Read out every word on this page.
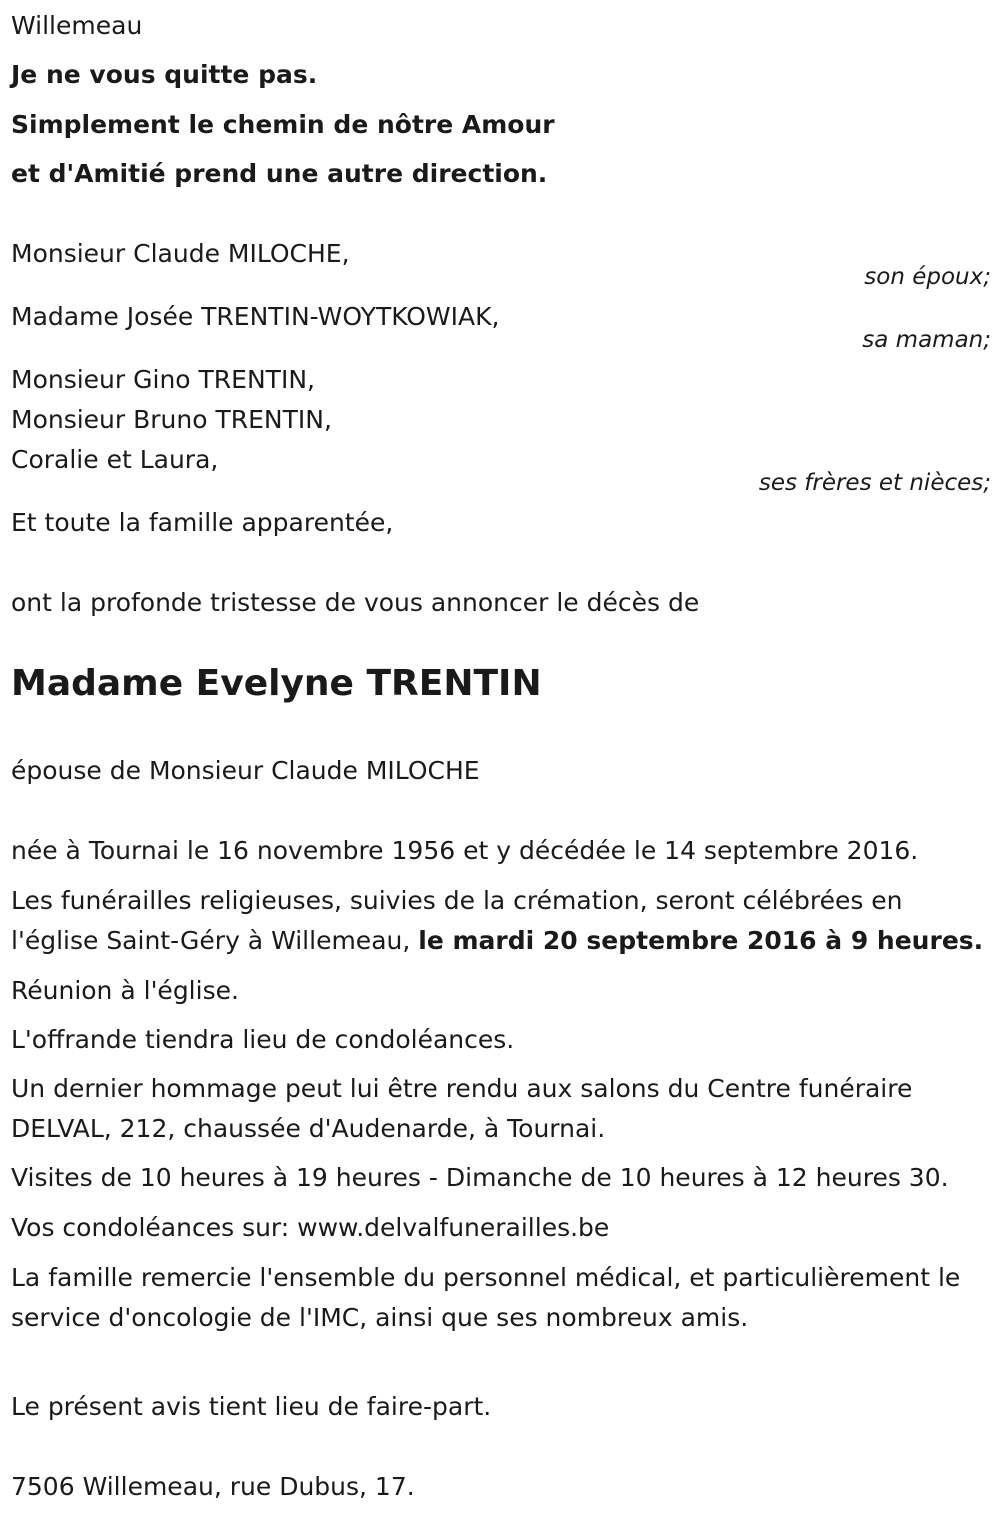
Willemeau
Je ne vous quitte pas.
Simplement le chemin de nôtre Amour
et d'Amitié prend une autre direction.
Monsieur Claude MILOCHE,
son époux;
Madame Josée TRENTIN-WOYTKOWIAK,
sa maman;
Monsieur Gino TRENTIN,
Monsieur Bruno TRENTIN,
Coralie et Laura,
ses frères et nièces;
Et toute la famille apparentée,
ont la profonde tristesse de vous annoncer le décès de
Madame Evelyne TRENTIN
épouse de Monsieur Claude MILOCHE
née à Tournai le 16 novembre 1956 et y décédée le 14 septembre 2016.
Les funérailles religieuses, suivies de la crémation, seront célébrées en l'église Saint-Géry à Willemeau, le mardi 20 septembre 2016 à 9 heures.
Réunion à l'église.
L'offrande tiendra lieu de condoléances.
Un dernier hommage peut lui être rendu aux salons du Centre funéraire DELVAL, 212, chaussée d'Audenarde, à Tournai.
Visites de 10 heures à 19 heures - Dimanche de 10 heures à 12 heures 30.
Vos condoléances sur: www.delvalfunerailles.be
La famille remercie l'ensemble du personnel médical, et particulièrement le service d'oncologie de l'IMC, ainsi que ses nombreux amis.
Le présent avis tient lieu de faire-part.
7506 Willemeau, rue Dubus, 17.
